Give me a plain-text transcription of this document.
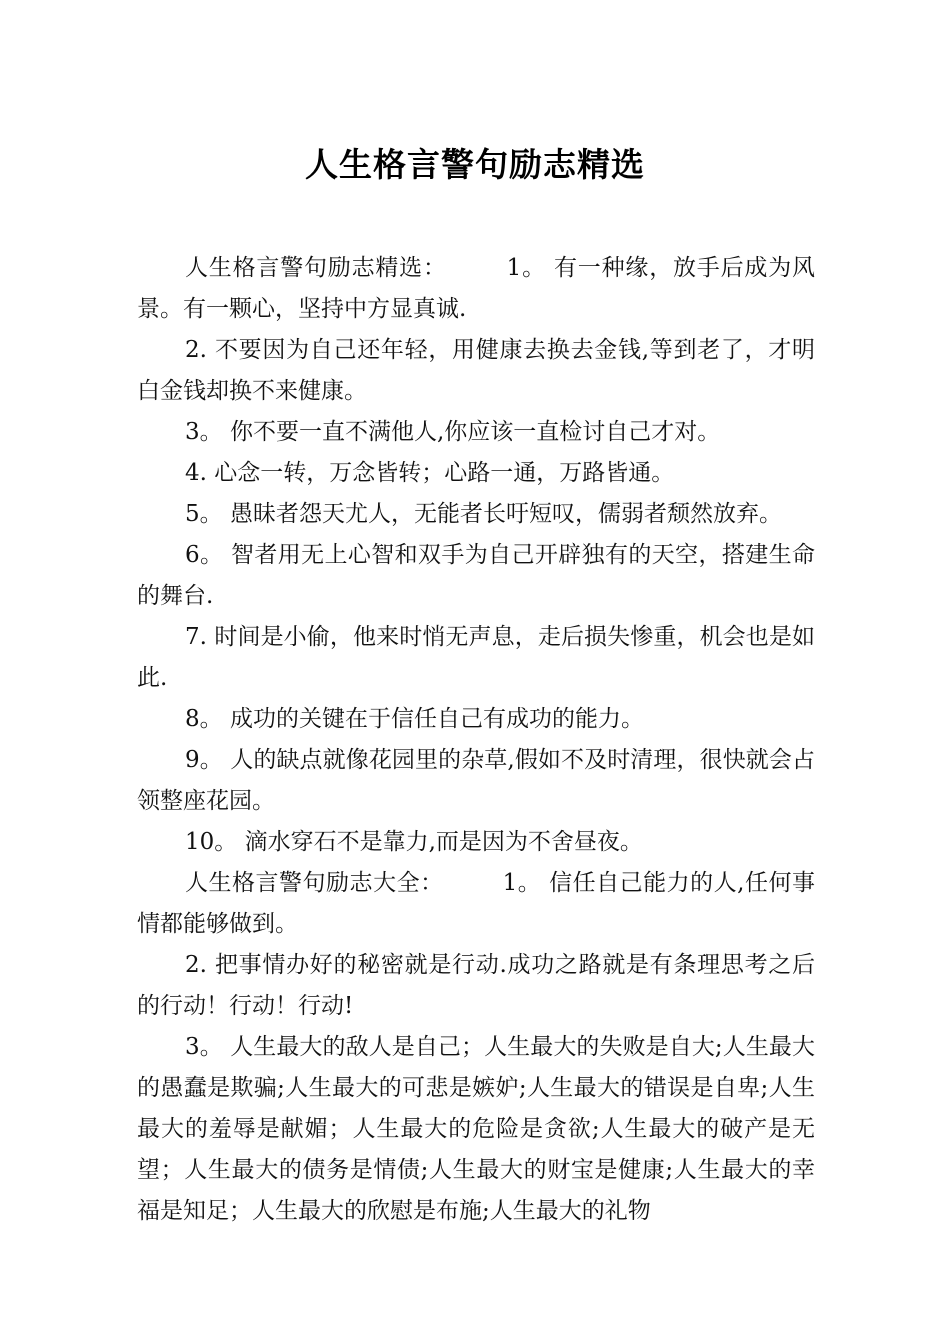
人生格言警句励志精选

人生格言警句励志精选：　　　1。 有一种缘，放手后成为风景。有一颗心，坚持中方显真诚.

2. 不要因为自己还年轻，用健康去换去金钱,等到老了，才明白金钱却换不来健康。

3。 你不要一直不满他人,你应该一直检讨自己才对。

4. 心念一转，万念皆转；心路一通，万路皆通。

5。 愚昧者怨天尤人，无能者长吁短叹，儒弱者颓然放弃。

6。 智者用无上心智和双手为自己开辟独有的天空，搭建生命的舞台.

7. 时间是小偷，他来时悄无声息，走后损失惨重，机会也是如此.

8。 成功的关键在于信任自己有成功的能力。

9。 人的缺点就像花园里的杂草,假如不及时清理，很快就会占领整座花园。

10。 滴水穿石不是靠力,而是因为不舍昼夜。

人生格言警句励志大全：　　　1。 信任自己能力的人,任何事情都能够做到。

2. 把事情办好的秘密就是行动.成功之路就是有条理思考之后的行动！行动！行动!

3。 人生最大的敌人是自己；人生最大的失败是自大;人生最大的愚蠢是欺骗;人生最大的可悲是嫉妒;人生最大的错误是自卑;人生最大的羞辱是献媚；人生最大的危险是贪欲;人生最大的破产是无望；人生最大的债务是情债;人生最大的财宝是健康;人生最大的幸福是知足；人生最大的欣慰是布施;人生最大的礼物
